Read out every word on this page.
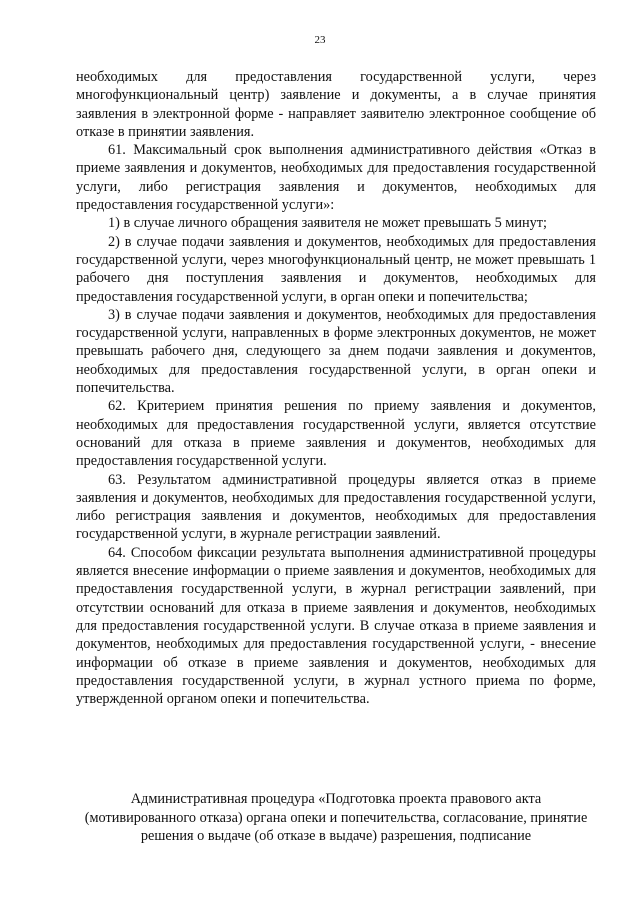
23

необходимых для предоставления государственной услуги, через многофункциональный центр) заявление и документы, а в случае принятия заявления в электронной форме - направляет заявителю электронное сообщение об отказе в принятии заявления.

61. Максимальный срок выполнения административного действия «Отказ в приеме заявления и документов, необходимых для предоставления государственной услуги, либо регистрация заявления и документов, необходимых для предоставления государственной услуги»:

1) в случае личного обращения заявителя не может превышать 5 минут;

2) в случае подачи заявления и документов, необходимых для предоставления государственной услуги, через многофункциональный центр, не может превышать 1 рабочего дня поступления заявления и документов, необходимых для предоставления государственной услуги, в орган опеки и попечительства;

3) в случае подачи заявления и документов, необходимых для предоставления государственной услуги, направленных в форме электронных документов, не может превышать рабочего дня, следующего за днем подачи заявления и документов, необходимых для предоставления государственной услуги, в орган опеки и попечительства.

62. Критерием принятия решения по приему заявления и документов, необходимых для предоставления государственной услуги, является отсутствие оснований для отказа в приеме заявления и документов, необходимых для предоставления государственной услуги.

63. Результатом административной процедуры является отказ в приеме заявления и документов, необходимых для предоставления государственной услуги, либо регистрация заявления и документов, необходимых для предоставления государственной услуги, в журнале регистрации заявлений.

64. Способом фиксации результата выполнения административной процедуры является внесение информации о приеме заявления и документов, необходимых для предоставления государственной услуги, в журнал регистрации заявлений, при отсутствии оснований для отказа в приеме заявления и документов, необходимых для предоставления государственной услуги. В случае отказа в приеме заявления и документов, необходимых для предоставления государственной услуги, - внесение информации об отказе в приеме заявления и документов, необходимых для предоставления государственной услуги, в журнал устного приема по форме, утвержденной органом опеки и попечительства.

Административная процедура «Подготовка проекта правового акта (мотивированного отказа) органа опеки и попечительства, согласование, принятие решения о выдаче (об отказе в выдаче) разрешения, подписание
